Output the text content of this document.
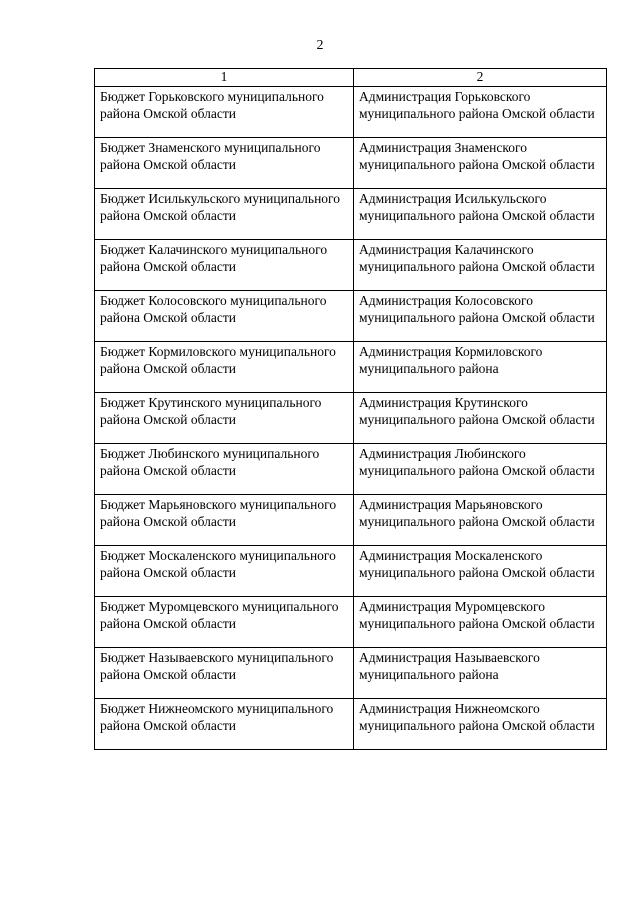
2
1	2

Бюджет Горьковского муниципального района Омской области	Администрация Горьковского муниципального района Омской области

Бюджет Знаменского муниципального района Омской области	Администрация Знаменского муниципального района Омской области

Бюджет Исилькульского муниципального района Омской области	Администрация Исилькульского муниципального района Омской области

Бюджет Калачинского муниципального района Омской области	Администрация Калачинского муниципального района Омской области

Бюджет Колосовского муниципального района Омской области	Администрация Колосовского муниципального района Омской области

Бюджет Кормиловского муниципального района Омской области	Администрация Кормиловского муниципального района

Бюджет Крутинского муниципального района Омской области	Администрация Крутинского муниципального района Омской области

Бюджет Любинского муниципального района Омской области	Администрация Любинского муниципального района Омской области

Бюджет Марьяновского муниципального района Омской области	Администрация Марьяновского муниципального района Омской области

Бюджет Москаленского муниципального района Омской области	Администрация Москаленского муниципального района Омской области

Бюджет Муромцевского муниципального района Омской области	Администрация Муромцевского муниципального района Омской области

Бюджет Называевского муниципального района Омской области	Администрация Называевского муниципального района

Бюджет Нижнеомского муниципального района Омской области	Администрация Нижнеомского муниципального района Омской области
